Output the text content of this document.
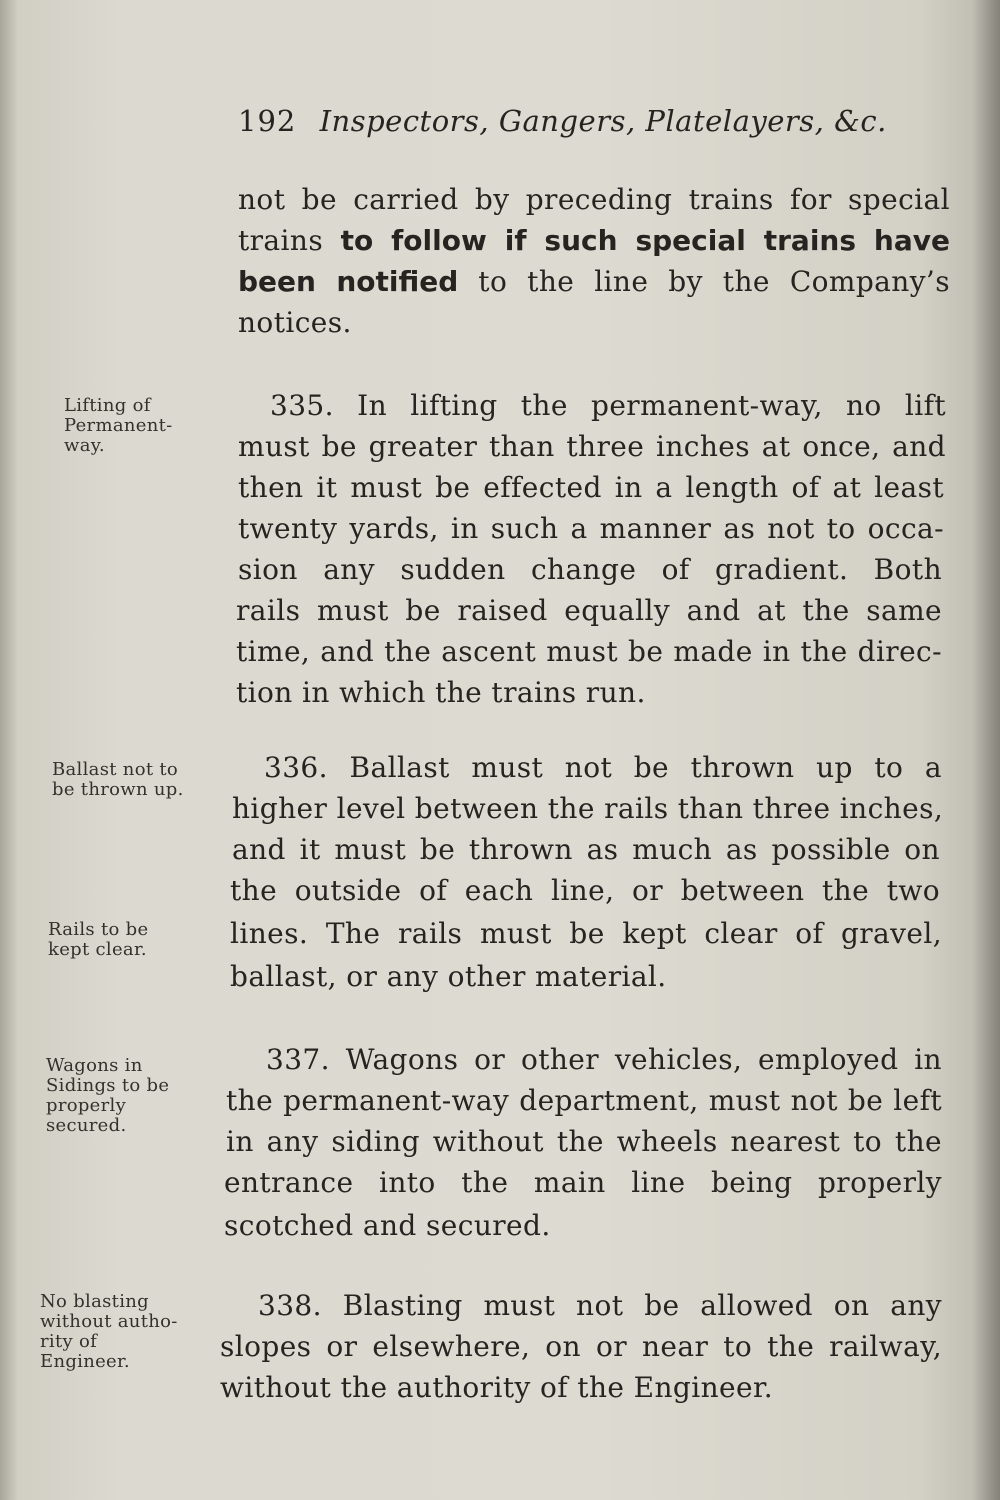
192 Inspectors, Gangers, Platelayers, &c.
not be carried by preceding trains for special
trains to follow if such special trains have
been notified to the line by the Company’s
notices.
Lifting of
Permanent-
way.
335. In lifting the permanent-way, no lift
must be greater than three inches at once, and
then it must be effected in a length of at least
twenty yards, in such a manner as not to occa-
sion any sudden change of gradient. Both
rails must be raised equally and at the same
time, and the ascent must be made in the direc-
tion in which the trains run.
Ballast not to
be thrown up.
Rails to be
kept clear.
336. Ballast must not be thrown up to a
higher level between the rails than three inches,
and it must be thrown as much as possible on
the outside of each line, or between the two
lines. The rails must be kept clear of gravel,
ballast, or any other material.
Wagons in
Sidings to be
properly
secured.
337. Wagons or other vehicles, employed in
the permanent-way department, must not be left
in any siding without the wheels nearest to the
entrance into the main line being properly
scotched and secured.
No blasting
without autho-
rity of
Engineer.
338. Blasting must not be allowed on any
slopes or elsewhere, on or near to the railway,
without the authority of the Engineer.
